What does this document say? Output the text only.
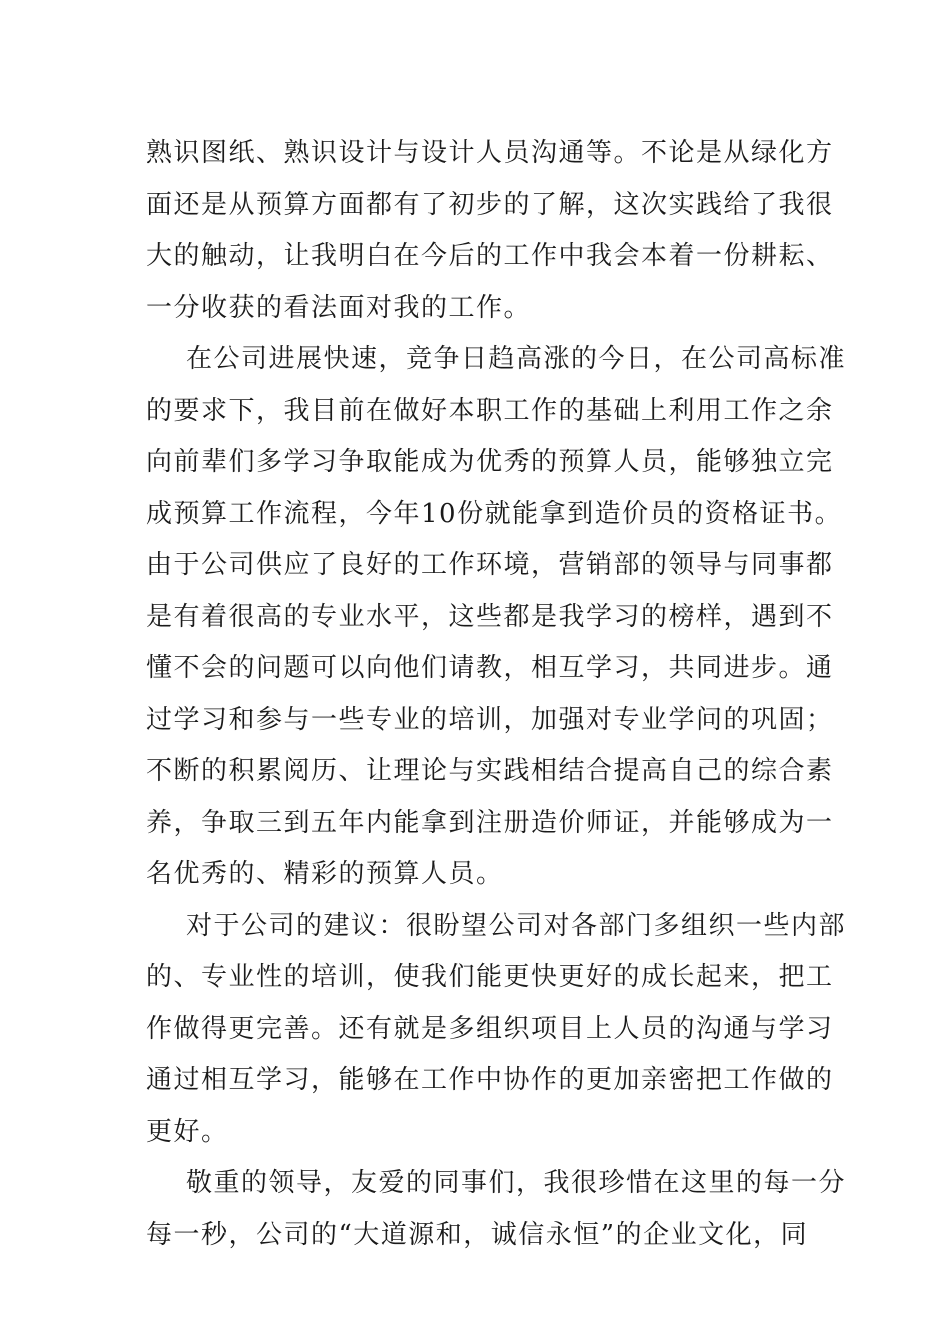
熟识图纸、熟识设计与设计人员沟通等。不论是从绿化方
面还是从预算方面都有了初步的了解，这次实践给了我很
大的触动，让我明白在今后的工作中我会本着一份耕耘、
一分收获的看法面对我的工作。
在公司进展快速，竞争日趋高涨的今日，在公司高标准
的要求下，我目前在做好本职工作的基础上利用工作之余
向前辈们多学习争取能成为优秀的预算人员，能够独立完
成预算工作流程，今年10份就能拿到造价员的资格证书。
由于公司供应了良好的工作环境，营销部的领导与同事都
是有着很高的专业水平，这些都是我学习的榜样，遇到不
懂不会的问题可以向他们请教，相互学习，共同进步。通
过学习和参与一些专业的培训，加强对专业学问的巩固；
不断的积累阅历、让理论与实践相结合提高自己的综合素
养，争取三到五年内能拿到注册造价师证，并能够成为一
名优秀的、精彩的预算人员。
对于公司的建议：很盼望公司对各部门多组织一些内部
的、专业性的培训，使我们能更快更好的成长起来，把工
作做得更完善。还有就是多组织项目上人员的沟通与学习
通过相互学习，能够在工作中协作的更加亲密把工作做的
更好。
敬重的领导，友爱的同事们，我很珍惜在这里的每一分
每一秒，公司的“大道源和，诚信永恒”的企业文化，同
